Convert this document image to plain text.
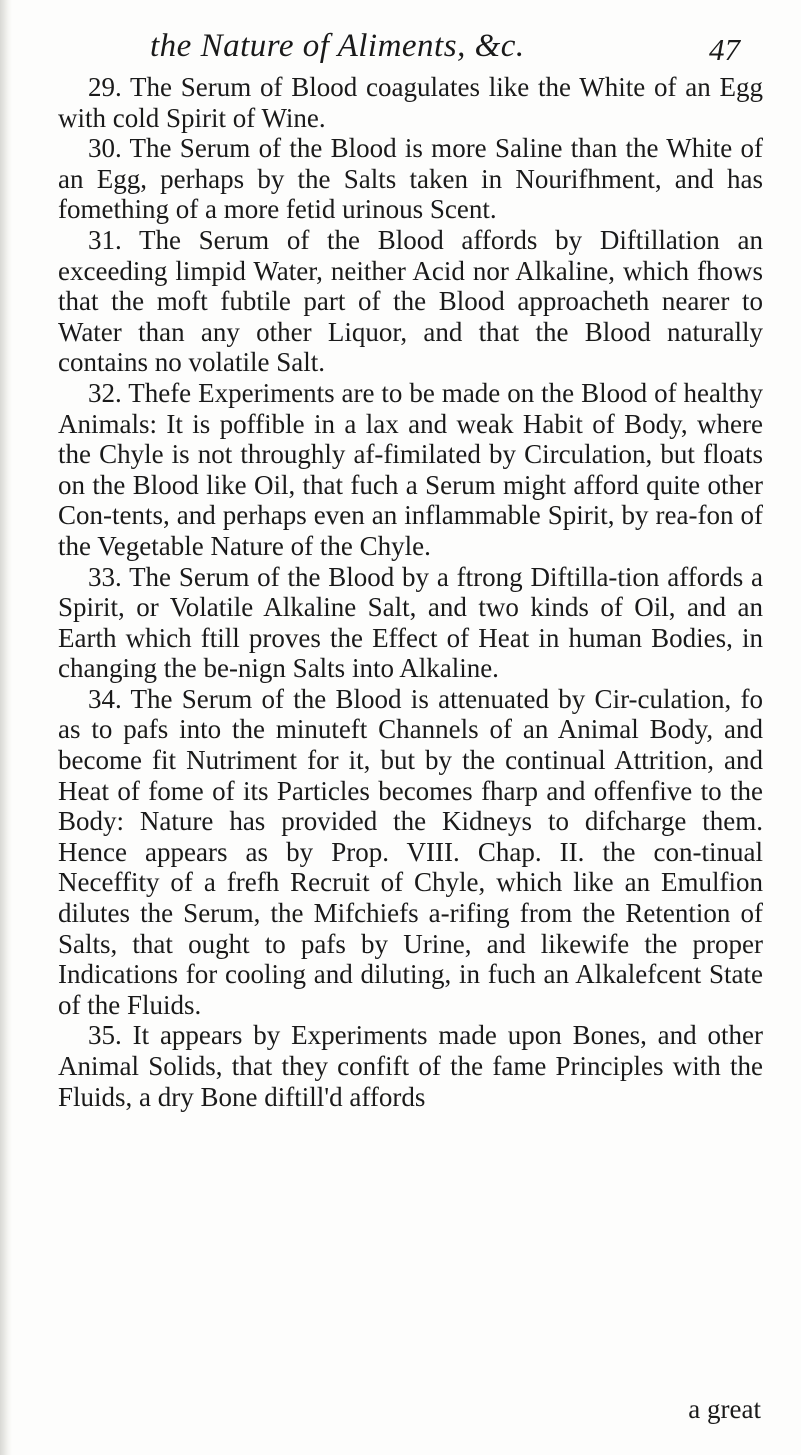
the Nature of Aliments, &c.	47

29. The Serum of Blood coagulates like the White of an Egg with cold Spirit of Wine.

30. The Serum of the Blood is more Saline than the White of an Egg, perhaps by the Salts taken in Nourifhment, and has fomething of a more fetid urinous Scent.

31. The Serum of the Blood affords by Diftillation an exceeding limpid Water, neither Acid nor Alkaline, which fhows that the moft fubtile part of the Blood approacheth nearer to Water than any other Liquor, and that the Blood naturally contains no volatile Salt.

32. Thefe Experiments are to be made on the Blood of healthy Animals: It is poffible in a lax and weak Habit of Body, where the Chyle is not throughly af-fimilated by Circulation, but floats on the Blood like Oil, that fuch a Serum might afford quite other Con-tents, and perhaps even an inflammable Spirit, by rea-fon of the Vegetable Nature of the Chyle.

33. The Serum of the Blood by a ftrong Diftilla-tion affords a Spirit, or Volatile Alkaline Salt, and two kinds of Oil, and an Earth which ftill proves the Effect of Heat in human Bodies, in changing the be-nign Salts into Alkaline.

34. The Serum of the Blood is attenuated by Cir-culation, fo as to pafs into the minuteft Channels of an Animal Body, and become fit Nutriment for it, but by the continual Attrition, and Heat of fome of its Particles becomes fharp and offenfive to the Body: Nature has provided the Kidneys to difcharge them. Hence appears as by Prop. VIII. Chap. II. the con-tinual Neceffity of a frefh Recruit of Chyle, which like an Emulfion dilutes the Serum, the Mifchiefs a-rifing from the Retention of Salts, that ought to pafs by Urine, and likewife the proper Indications for cooling and diluting, in fuch an Alkalefcent State of the Fluids.

35. It appears by Experiments made upon Bones, and other Animal Solids, that they confift of the fame Principles with the Fluids, a dry Bone diftill'd affords

a great
